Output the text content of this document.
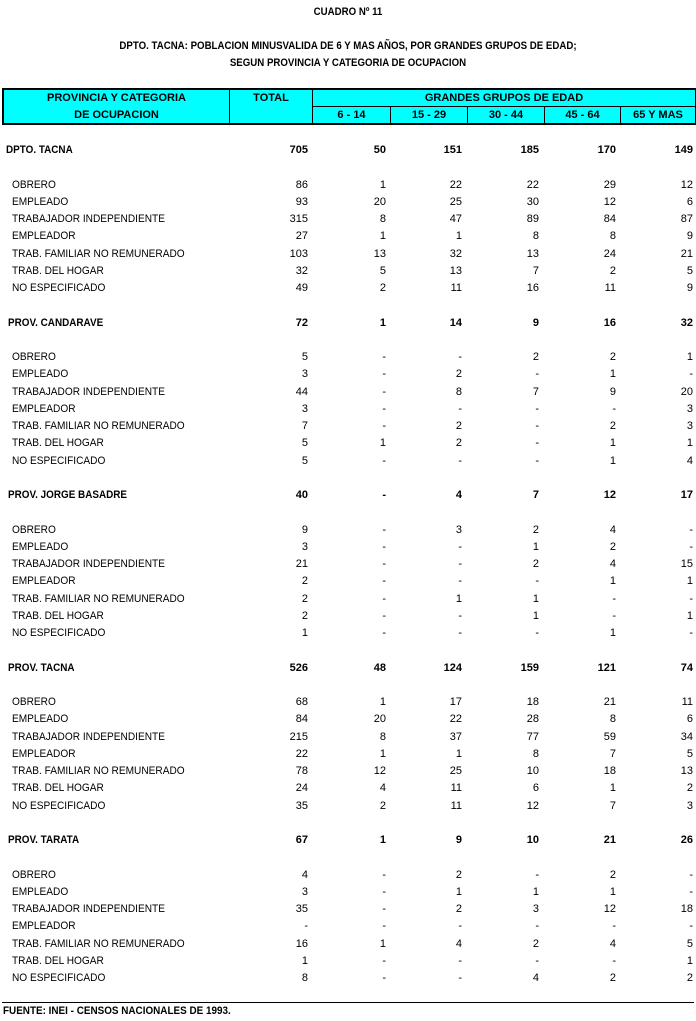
CUADRO Nº 11
DPTO. TACNA: POBLACION MINUSVALIDA DE 6 Y MAS AÑOS, POR GRANDES GRUPOS DE EDAD;
SEGUN PROVINCIA Y CATEGORIA DE OCUPACION
PROVINCIA Y CATEGORIA
DE OCUPACION
TOTAL	GRANDES GRUPOS DE EDAD
6 - 14	15 - 29	30 - 44	45 - 64	65 Y MAS
DPTO. TACNA	705	50	151	185	170	149
OBRERO	86	1	22	22	29	12
EMPLEADO	93	20	25	30	12	6
TRABAJADOR INDEPENDIENTE	315	8	47	89	84	87
EMPLEADOR	27	1	1	8	8	9
TRAB. FAMILIAR NO REMUNERADO	103	13	32	13	24	21
TRAB. DEL HOGAR	32	5	13	7	2	5
NO ESPECIFICADO	49	2	11	16	11	9
PROV. CANDARAVE	72	1	14	9	16	32
OBRERO	5	-	-	2	2	1
EMPLEADO	3	-	2	-	1	-
TRABAJADOR INDEPENDIENTE	44	-	8	7	9	20
EMPLEADOR	3	-	-	-	-	3
TRAB. FAMILIAR NO REMUNERADO	7	-	2	-	2	3
TRAB. DEL HOGAR	5	1	2	-	1	1
NO ESPECIFICADO	5	-	-	-	1	4
PROV. JORGE BASADRE	40	-	4	7	12	17
OBRERO	9	-	3	2	4	-
EMPLEADO	3	-	-	1	2	-
TRABAJADOR INDEPENDIENTE	21	-	-	2	4	15
EMPLEADOR	2	-	-	-	1	1
TRAB. FAMILIAR NO REMUNERADO	2	-	1	1	-	-
TRAB. DEL HOGAR	2	-	-	1	-	1
NO ESPECIFICADO	1	-	-	-	1	-
PROV. TACNA	526	48	124	159	121	74
OBRERO	68	1	17	18	21	11
EMPLEADO	84	20	22	28	8	6
TRABAJADOR INDEPENDIENTE	215	8	37	77	59	34
EMPLEADOR	22	1	1	8	7	5
TRAB. FAMILIAR NO REMUNERADO	78	12	25	10	18	13
TRAB. DEL HOGAR	24	4	11	6	1	2
NO ESPECIFICADO	35	2	11	12	7	3
PROV. TARATA	67	1	9	10	21	26
OBRERO	4	-	2	-	2	-
EMPLEADO	3	-	1	1	1	-
TRABAJADOR INDEPENDIENTE	35	-	2	3	12	18
EMPLEADOR	-	-	-	-	-	-
TRAB. FAMILIAR NO REMUNERADO	16	1	4	2	4	5
TRAB. DEL HOGAR	1	-	-	-	-	1
NO ESPECIFICADO	8	-	-	4	2	2
FUENTE: INEI - CENSOS NACIONALES DE 1993.
